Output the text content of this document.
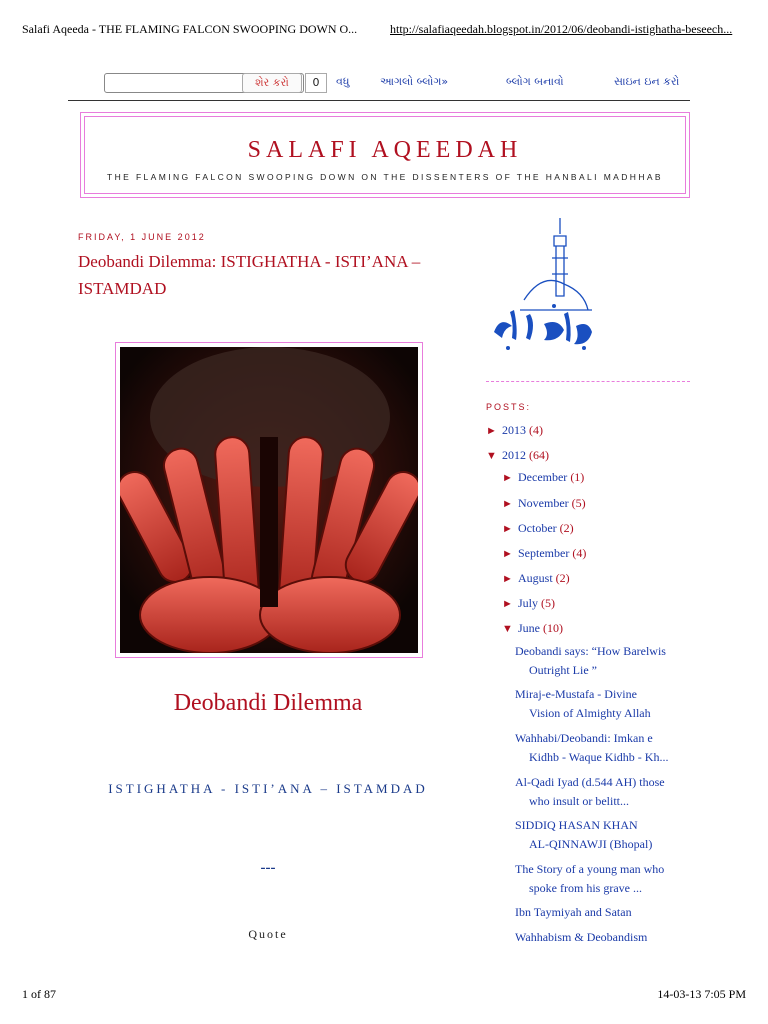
Salafi Aqeeda - THE FLAMING FALCON SWOOPING DOWN O...	http://salafiaqeedah.blogspot.in/2012/06/deobandi-istighatha-beseech...
શેર કરો	0	વધુ	આગલો બ્લોગ»	બ્લોગ બનાવો	સાઇન ઇન કરો
SALAFI AQEEDAH
THE FLAMING FALCON SWOOPING DOWN ON THE DISSENTERS OF THE HANBALI MADHHAB
FRIDAY, 1 JUNE 2012
Deobandi Dilemma: ISTIGHATHA - ISTI’ANA –
ISTAMDAD
Deobandi Dilemma
ISTIGHATHA - ISTI’ANA – ISTAMDAD
---
Quote
POSTS:
► 2013 (4)
▼ 2012 (64)
► December (1)
► November (5)
► October (2)
► September (4)
► August (2)
► July (5)
▼ June (10)
Deobandi says: “How Barelwis
Outright Lie ”
Miraj-e-Mustafa - Divine
Vision of Almighty Allah
Wahhabi/Deobandi: Imkan e
Kidhb - Waque Kidhb - Kh...
Al-Qadi Iyad (d.544 AH) those
who insult or belitt...
SIDDIQ HASAN KHAN
AL-QINNAWJI (Bhopal)
The Story of a young man who
spoke from his grave ...
Ibn Taymiyah and Satan
Wahhabism & Deobandism
1 of 87	14-03-13 7:05 PM
